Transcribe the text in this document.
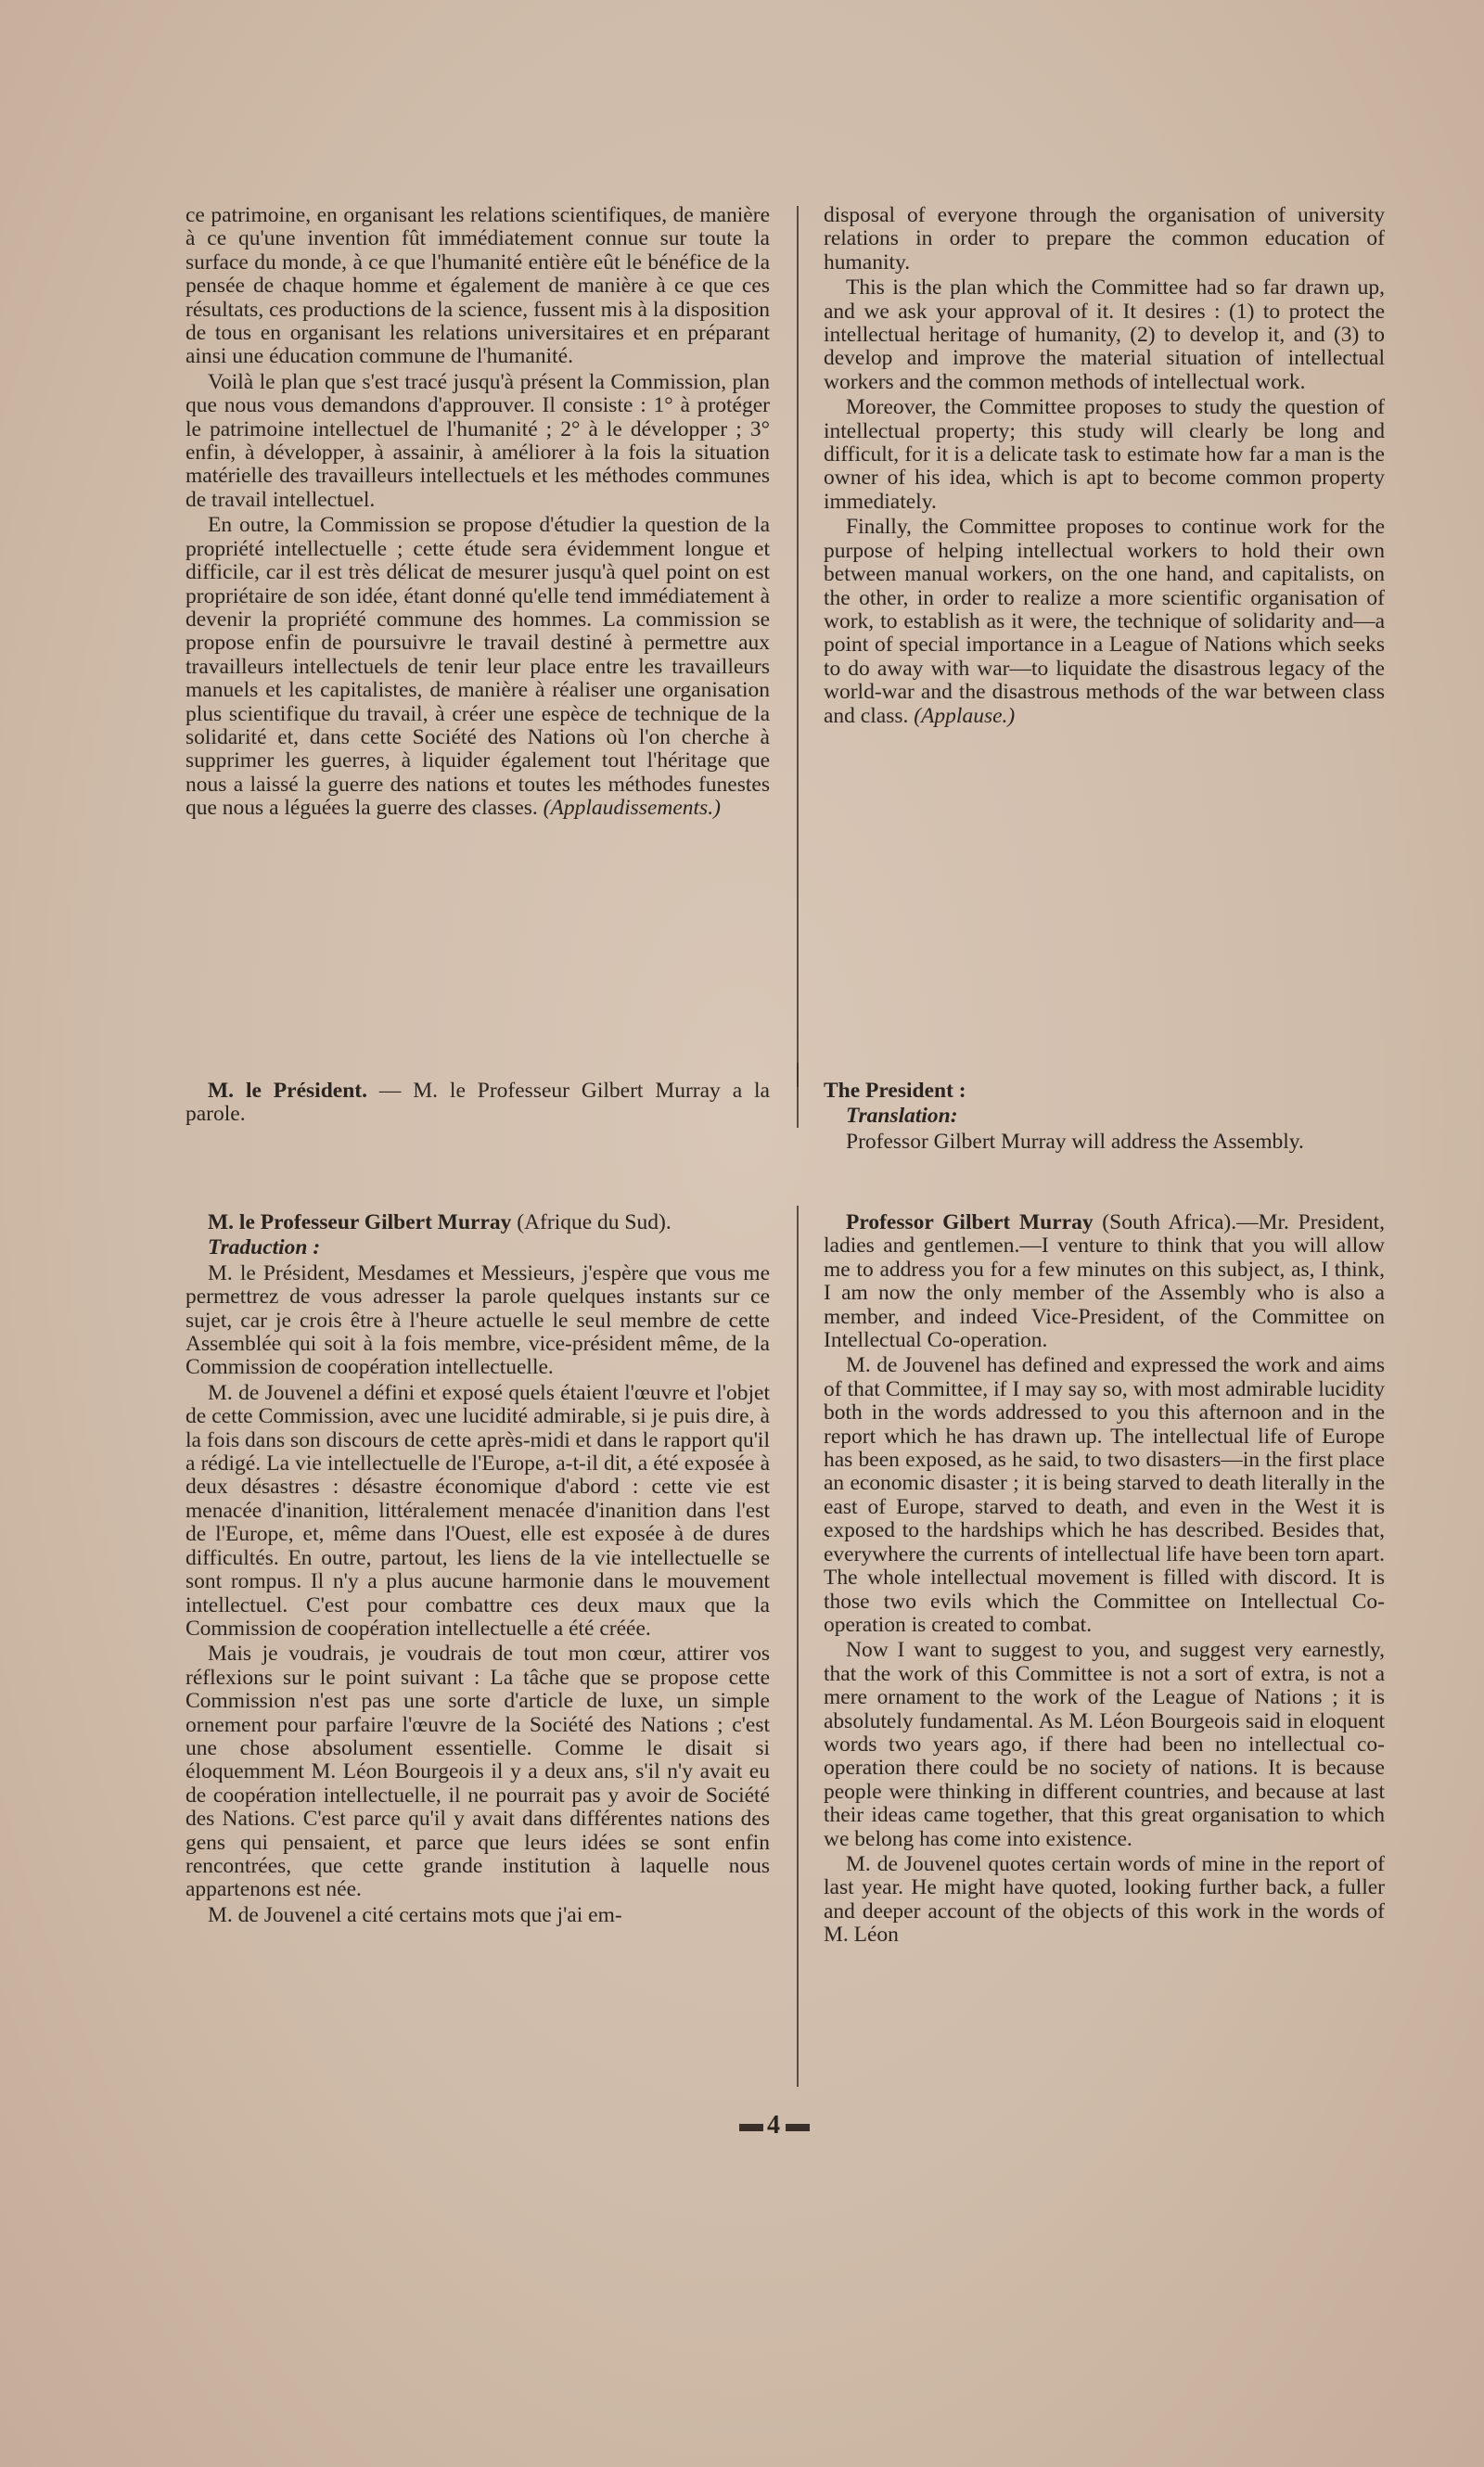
ce patrimoine, en organisant les relations scientifiques, de manière à ce qu'une invention fût immédiatement connue sur toute la surface du monde, à ce que l'humanité entière eût le bénéfice de la pensée de chaque homme et également de manière à ce que ces résultats, ces productions de la science, fussent mis à la disposition de tous en organisant les relations universitaires et en préparant ainsi une éducation commune de l'humanité.

Voilà le plan que s'est tracé jusqu'à présent la Commission, plan que nous vous demandons d'approuver. Il consiste : 1° à protéger le patrimoine intellectuel de l'humanité ; 2° à le développer ; 3° enfin, à développer, à assainir, à améliorer à la fois la situation matérielle des travailleurs intellectuels et les méthodes communes de travail intellectuel.

En outre, la Commission se propose d'étudier la question de la propriété intellectuelle ; cette étude sera évidemment longue et difficile, car il est très délicat de mesurer jusqu'à quel point on est propriétaire de son idée, étant donné qu'elle tend immédiatement à devenir la propriété commune des hommes. La commission se propose enfin de poursuivre le travail destiné à permettre aux travailleurs intellectuels de tenir leur place entre les travailleurs manuels et les capitalistes, de manière à réaliser une organisation plus scientifique du travail, à créer une espèce de technique de la solidarité et, dans cette Société des Nations où l'on cherche à supprimer les guerres, à liquider également tout l'héritage que nous a laissé la guerre des nations et toutes les méthodes funestes que nous a léguées la guerre des classes. (Applaudissements.)

disposal of everyone through the organisation of university relations in order to prepare the common education of humanity.

This is the plan which the Committee had so far drawn up, and we ask your approval of it. It desires : (1) to protect the intellectual heritage of humanity, (2) to develop it, and (3) to develop and improve the material situation of intellectual workers and the common methods of intellectual work.

Moreover, the Committee proposes to study the question of intellectual property; this study will clearly be long and difficult, for it is a delicate task to estimate how far a man is the owner of his idea, which is apt to become common property immediately.

Finally, the Committee proposes to continue work for the purpose of helping intellectual workers to hold their own between manual workers, on the one hand, and capitalists, on the other, in order to realize a more scientific organisation of work, to establish as it were, the technique of solidarity and—a point of special importance in a League of Nations which seeks to do away with war—to liquidate the disastrous legacy of the world-war and the disastrous methods of the war between class and class. (Applause.)

M. le Président. — M. le Professeur Gilbert Murray a la parole.

The President :

Translation:

Professor Gilbert Murray will address the Assembly.

M. le Professeur Gilbert Murray (Afrique du Sud).

Traduction :

M. le Président, Mesdames et Messieurs, j'espère que vous me permettrez de vous adresser la parole quelques instants sur ce sujet, car je crois être à l'heure actuelle le seul membre de cette Assemblée qui soit à la fois membre, vice-président même, de la Commission de coopération intellectuelle.

M. de Jouvenel a défini et exposé quels étaient l'œuvre et l'objet de cette Commission, avec une lucidité admirable, si je puis dire, à la fois dans son discours de cette après-midi et dans le rapport qu'il a rédigé. La vie intellectuelle de l'Europe, a-t-il dit, a été exposée à deux désastres : désastre économique d'abord : cette vie est menacée d'inanition, littéralement menacée d'inanition dans l'est de l'Europe, et, même dans l'Ouest, elle est exposée à de dures difficultés. En outre, partout, les liens de la vie intellectuelle se sont rompus. Il n'y a plus aucune harmonie dans le mouvement intellectuel. C'est pour combattre ces deux maux que la Commission de coopération intellectuelle a été créée.

Mais je voudrais, je voudrais de tout mon cœur, attirer vos réflexions sur le point suivant : La tâche que se propose cette Commission n'est pas une sorte d'article de luxe, un simple ornement pour parfaire l'œuvre de la Société des Nations ; c'est une chose absolument essentielle. Comme le disait si éloquemment M. Léon Bourgeois il y a deux ans, s'il n'y avait eu de coopération intellectuelle, il ne pourrait pas y avoir de Société des Nations. C'est parce qu'il y avait dans différentes nations des gens qui pensaient, et parce que leurs idées se sont enfin rencontrées, que cette grande institution à laquelle nous appartenons est née.

M. de Jouvenel a cité certains mots que j'ai em-

Professor Gilbert Murray (South Africa).—Mr. President, ladies and gentlemen.—I venture to think that you will allow me to address you for a few minutes on this subject, as, I think, I am now the only member of the Assembly who is also a member, and indeed Vice-President, of the Committee on Intellectual Co-operation.

M. de Jouvenel has defined and expressed the work and aims of that Committee, if I may say so, with most admirable lucidity both in the words addressed to you this afternoon and in the report which he has drawn up. The intellectual life of Europe has been exposed, as he said, to two disasters—in the first place an economic disaster ; it is being starved to death literally in the east of Europe, starved to death, and even in the West it is exposed to the hardships which he has described. Besides that, everywhere the currents of intellectual life have been torn apart. The whole intellectual movement is filled with discord. It is those two evils which the Committee on Intellectual Co-operation is created to combat.

Now I want to suggest to you, and suggest very earnestly, that the work of this Committee is not a sort of extra, is not a mere ornament to the work of the League of Nations ; it is absolutely fundamental. As M. Léon Bourgeois said in eloquent words two years ago, if there had been no intellectual co-operation there could be no society of nations. It is because people were thinking in different countries, and because at last their ideas came together, that this great organisation to which we belong has come into existence.

M. de Jouvenel quotes certain words of mine in the report of last year. He might have quoted, looking further back, a fuller and deeper account of the objects of this work in the words of M. Léon

4
